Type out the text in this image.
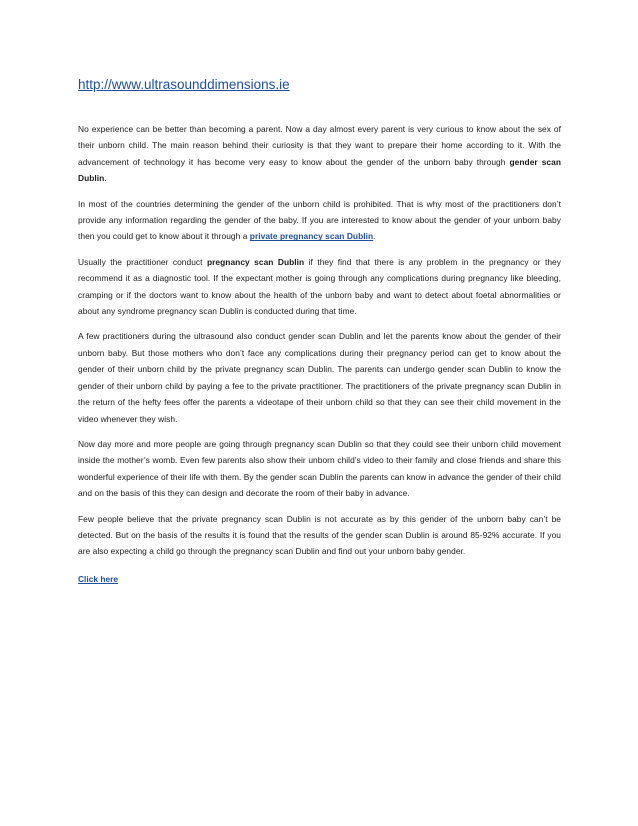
http://www.ultrasounddimensions.ie

No experience can be better than becoming a parent. Now a day almost every parent is very curious to know about the sex of their unborn child. The main reason behind their curiosity is that they want to prepare their home according to it. With the advancement of technology it has become very easy to know about the gender of the unborn baby through gender scan Dublin.

In most of the countries determining the gender of the unborn child is prohibited. That is why most of the practitioners don’t provide any information regarding the gender of the baby. If you are interested to know about the gender of your unborn baby then you could get to know about it through a private pregnancy scan Dublin.

Usually the practitioner conduct pregnancy scan Dublin if they find that there is any problem in the pregnancy or they recommend it as a diagnostic tool. If the expectant mother is going through any complications during pregnancy like bleeding, cramping or if the doctors want to know about the health of the unborn baby and want to detect about foetal abnormalities or about any syndrome pregnancy scan Dublin is conducted during that time.

A few practitioners during the ultrasound also conduct gender scan Dublin and let the parents know about the gender of their unborn baby. But those mothers who don’t face any complications during their pregnancy period can get to know about the gender of their unborn child by the private pregnancy scan Dublin. The parents can undergo gender scan Dublin to know the gender of their unborn child by paying a fee to the private practitioner. The practitioners of the private pregnancy scan Dublin in the return of the hefty fees offer the parents a videotape of their unborn child so that they can see their child movement in the video whenever they wish.

Now day more and more people are going through pregnancy scan Dublin so that they could see their unborn child movement inside the mother’s womb. Even few parents also show their unborn child’s video to their family and close friends and share this wonderful experience of their life with them. By the gender scan Dublin the parents can know in advance the gender of their child and on the basis of this they can design and decorate the room of their baby in advance.

Few people believe that the private pregnancy scan Dublin is not accurate as by this gender of the unborn baby can’t be detected. But on the basis of the results it is found that the results of the gender scan Dublin is around 85-92% accurate. If you are also expecting a child go through the pregnancy scan Dublin and find out your unborn baby gender.

Click here
